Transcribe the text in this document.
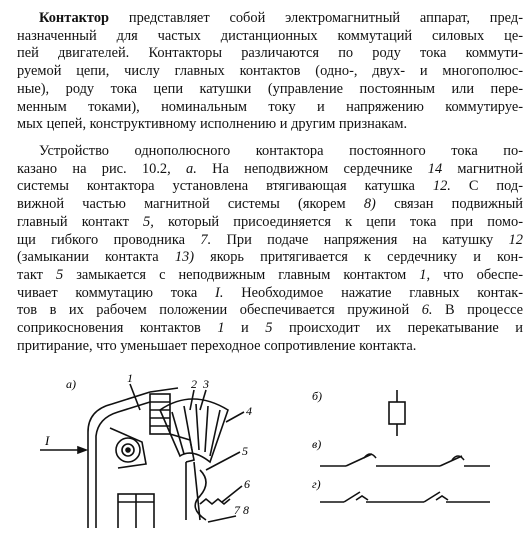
Контактор представляет собой электромагнитный аппарат, пред-

назначенный для частых дистанционных коммутаций силовых це-

пей двигателей. Контакторы различаются по роду тока коммути-

руемой цепи, числу главных контактов (одно-, двух- и многополюс-

ные), роду тока цепи катушки (управление постоянным или пере-

менным токами), номинальным току и напряжению коммутируе-

мых цепей, конструктивному исполнению и другим признакам.

Устройство однополюсного контактора постоянного тока по-

казано на рис. 10.2, а. На неподвижном сердечнике 14 магнитной

системы контактора установлена втягивающая катушка 12. С под-

вижной частью магнитной системы (якорем 8) связан подвижный

главный контакт 5, который присоединяется к цепи тока при помо-

щи гибкого проводника 7. При подаче напряжения на катушку 12

(замыкании контакта 13) якорь притягивается к сердечнику и кон-

такт 5 замыкается с неподвижным главным контактом 1, что обеспе-

чивает коммутацию тока I. Необходимое нажатие главных контак-

тов в их рабочем положении обеспечивается пружиной 6. В процессе

соприкосновения контактов 1 и 5 происходит их перекатывание и

притирание, что уменьшает переходное сопротивление контакта.

а)	1	2 3
4
5
6
7 8
I
б)
в)
г)
